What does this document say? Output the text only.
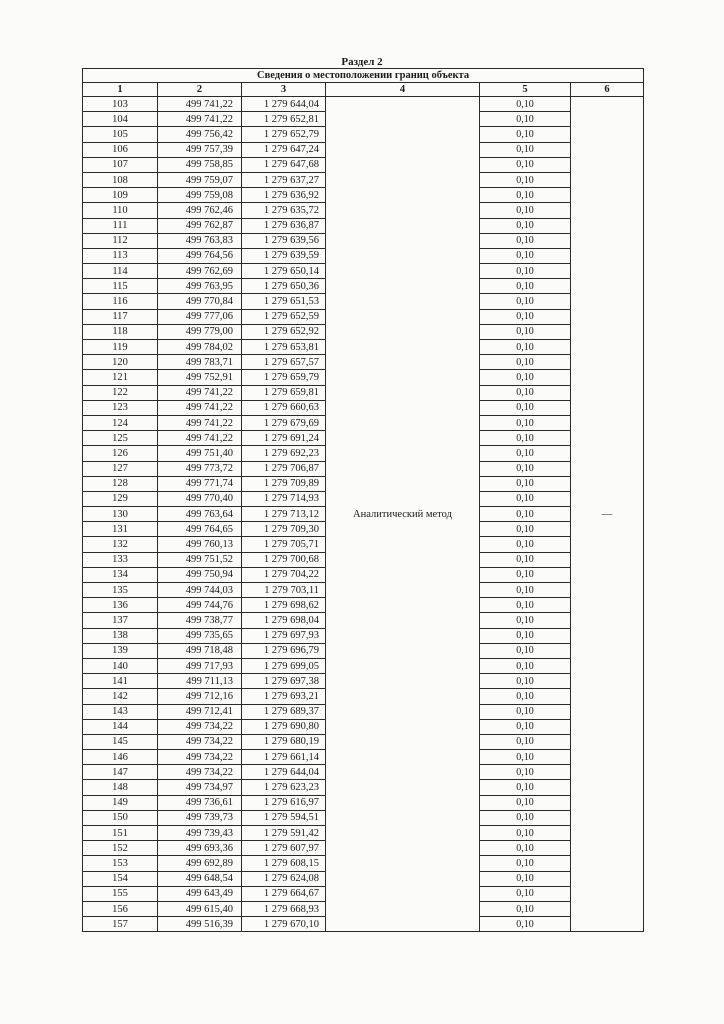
Раздел 2
Сведения о местоположении границ объекта					
1	2	3	4	5	6
103	499 741,22	1 279 644,04	Аналитический метод	0,10	—
104	499 741,22	1 279 652,81		0,10	
105	499 756,42	1 279 652,79		0,10	
106	499 757,39	1 279 647,24		0,10	
107	499 758,85	1 279 647,68		0,10	
108	499 759,07	1 279 637,27		0,10	
109	499 759,08	1 279 636,92		0,10	
110	499 762,46	1 279 635,72		0,10	
111	499 762,87	1 279 636,87		0,10	
112	499 763,83	1 279 639,56		0,10	
113	499 764,56	1 279 639,59		0,10	
114	499 762,69	1 279 650,14		0,10	
115	499 763,95	1 279 650,36		0,10	
116	499 770,84	1 279 651,53		0,10	
117	499 777,06	1 279 652,59		0,10	
118	499 779,00	1 279 652,92		0,10	
119	499 784,02	1 279 653,81		0,10	
120	499 783,71	1 279 657,57		0,10	
121	499 752,91	1 279 659,79		0,10	
122	499 741,22	1 279 659,81		0,10	
123	499 741,22	1 279 660,63		0,10	
124	499 741,22	1 279 679,69		0,10	
125	499 741,22	1 279 691,24		0,10	
126	499 751,40	1 279 692,23		0,10	
127	499 773,72	1 279 706,87		0,10	
128	499 771,74	1 279 709,89		0,10	
129	499 770,40	1 279 714,93		0,10	
130	499 763,64	1 279 713,12		0,10	
131	499 764,65	1 279 709,30		0,10	
132	499 760,13	1 279 705,71		0,10	
133	499 751,52	1 279 700,68		0,10	
134	499 750,94	1 279 704,22		0,10	
135	499 744,03	1 279 703,11		0,10	
136	499 744,76	1 279 698,62		0,10	
137	499 738,77	1 279 698,04		0,10	
138	499 735,65	1 279 697,93		0,10	
139	499 718,48	1 279 696,79		0,10	
140	499 717,93	1 279 699,05		0,10	
141	499 711,13	1 279 697,38		0,10	
142	499 712,16	1 279 693,21		0,10	
143	499 712,41	1 279 689,37		0,10	
144	499 734,22	1 279 690,80		0,10	
145	499 734,22	1 279 680,19		0,10	
146	499 734,22	1 279 661,14		0,10	
147	499 734,22	1 279 644,04		0,10	
148	499 734,97	1 279 623,23		0,10	
149	499 736,61	1 279 616,97		0,10	
150	499 739,73	1 279 594,51		0,10	
151	499 739,43	1 279 591,42		0,10	
152	499 693,36	1 279 607,97		0,10	
153	499 692,89	1 279 608,15		0,10	
154	499 648,54	1 279 624,08		0,10	
155	499 643,49	1 279 664,67		0,10	
156	499 615,40	1 279 668,93		0,10	
157	499 516,39	1 279 670,10		0,10	
